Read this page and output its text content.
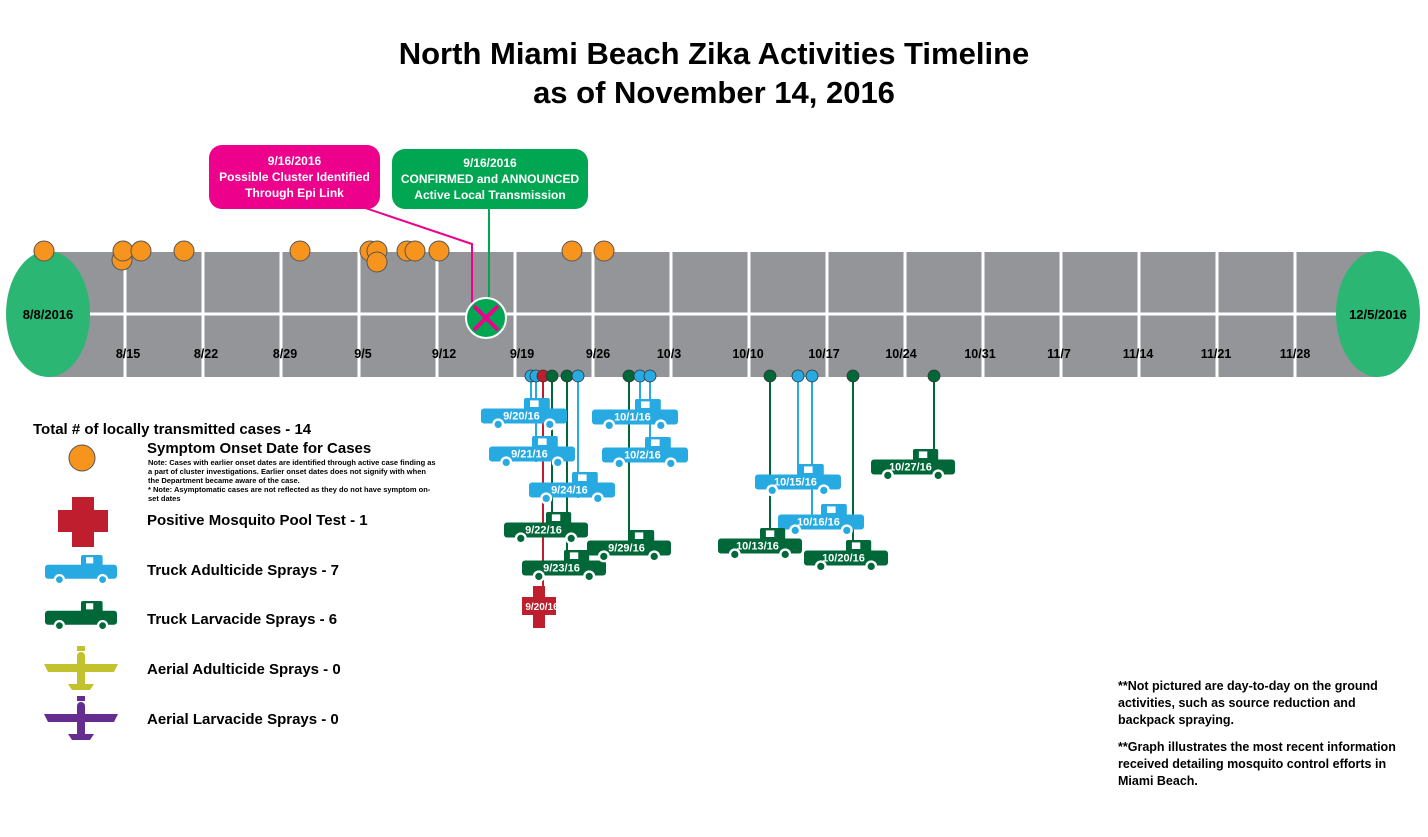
North Miami Beach Zika Activities Timeline
as of November 14, 2016
8/8/2016	12/5/2016
8/15	8/22	8/29	9/5	9/12	9/19	9/26	10/3	10/10	10/17	10/24	10/31	11/7	11/14	11/21	11/28
9/20/16
9/21/16
9/24/16
10/1/16
10/2/16
10/15/16
10/16/16
9/22/16
9/23/16
9/29/16	10/13/16
10/20/16
10/27/16
9/20/16
9/16/2016
Possible Cluster Identified
Through Epi Link
9/16/2016
CONFIRMED and ANNOUNCED
Active Local Transmission
Total # of locally transmitted cases - 14
Symptom Onset Date for Cases
Note: Cases with earlier onset dates are identified through active case finding as a part of cluster investigations. Earlier onset dates does not signify with when the Department became aware of the case.
* Note: Asymptomatic cases are not reflected as they do not have symptom on-set dates
Positive Mosquito Pool Test - 1
Truck Adulticide Sprays - 7
Truck Larvacide Sprays - 6
Aerial Adulticide Sprays - 0
Aerial Larvacide Sprays - 0
**Not pictured are day-to-day on the ground activities, such as source reduction and backpack spraying.
**Graph illustrates the most recent information received detailing mosquito control efforts in Miami Beach.
